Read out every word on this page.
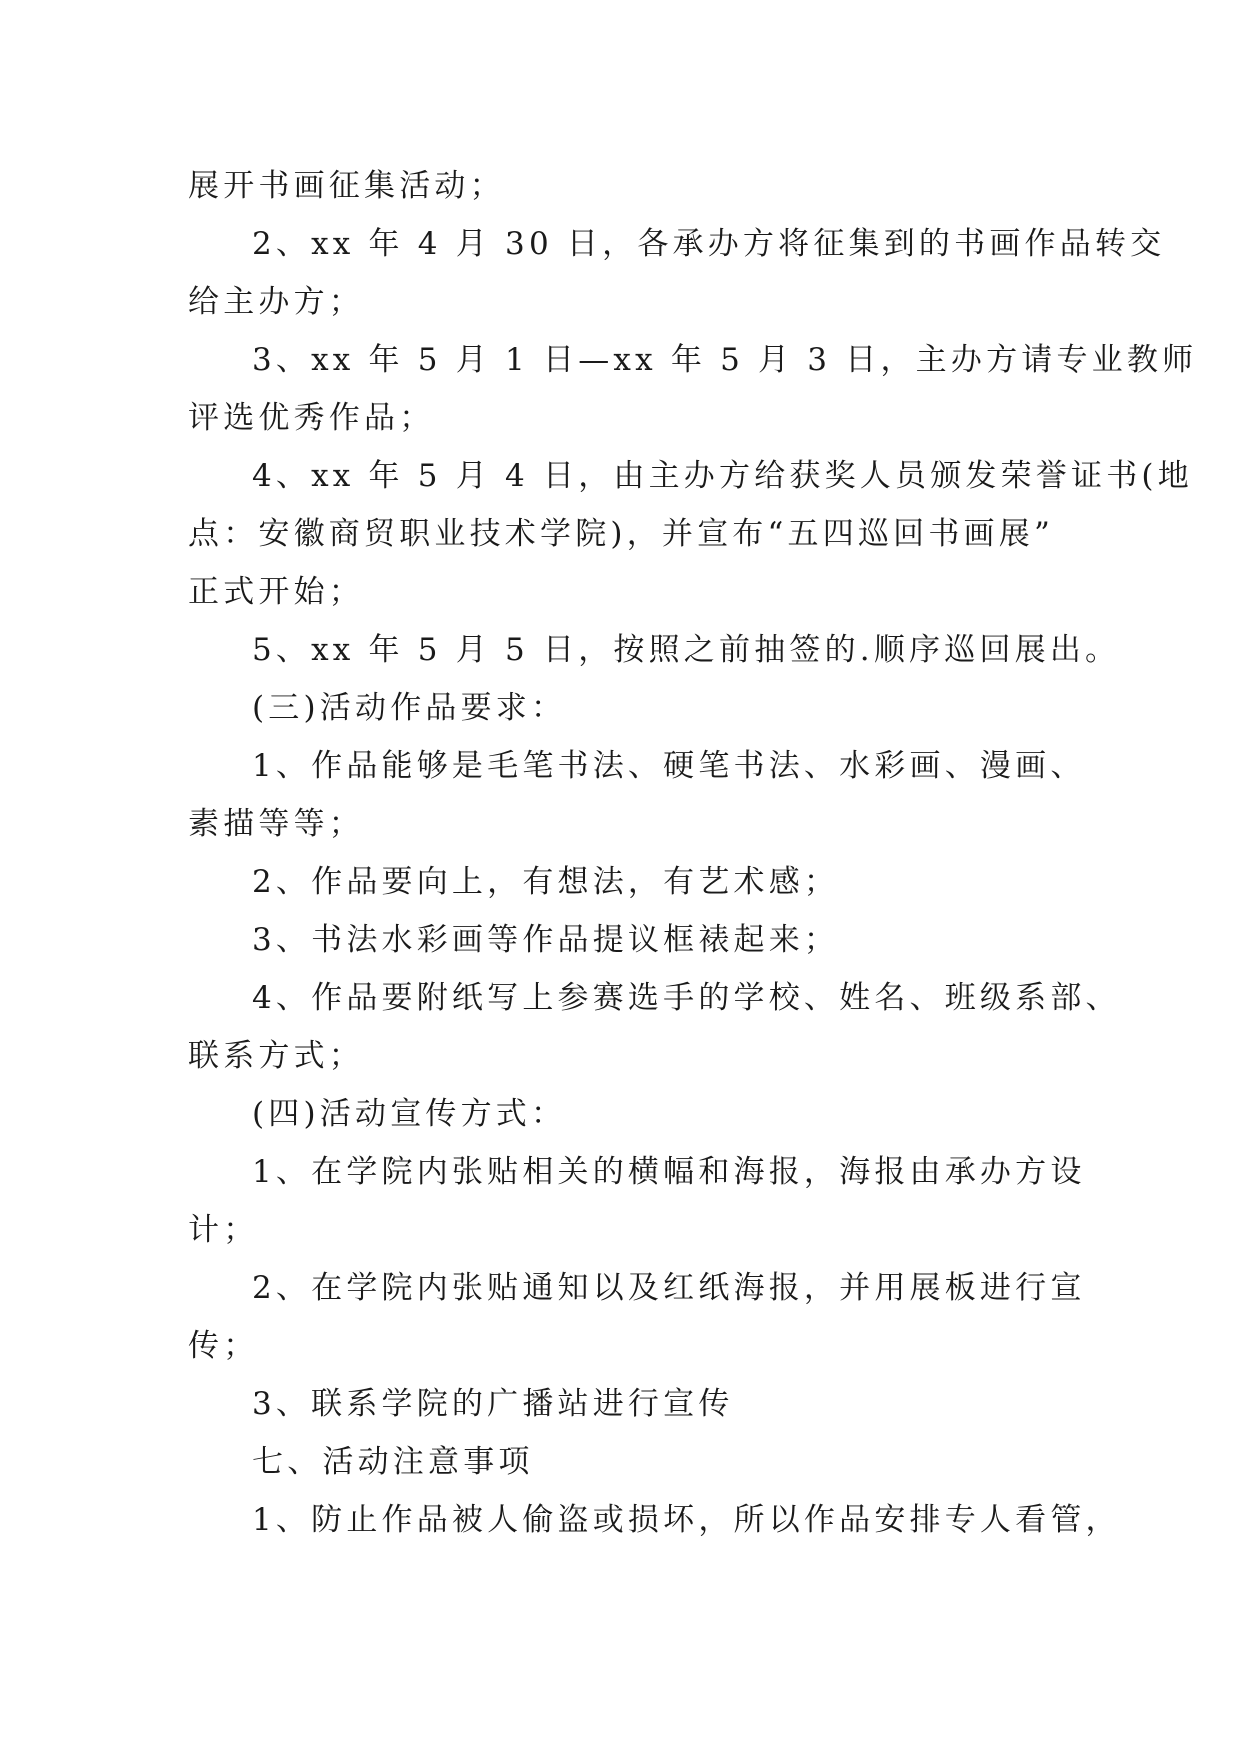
展开书画征集活动；
2、xx 年 4 月 30 日，各承办方将征集到的书画作品转交
给主办方；
3、xx 年 5 月 1 日—xx 年 5 月 3 日，主办方请专业教师
评选优秀作品；
4、xx 年 5 月 4 日，由主办方给获奖人员颁发荣誉证书(地
点：安徽商贸职业技术学院)，并宣布“五四巡回书画展”
正式开始；
5、xx 年 5 月 5 日，按照之前抽签的.顺序巡回展出。
(三)活动作品要求：
1、作品能够是毛笔书法、硬笔书法、水彩画、漫画、
素描等等；
2、作品要向上，有想法，有艺术感；
3、书法水彩画等作品提议框裱起来；
4、作品要附纸写上参赛选手的学校、姓名、班级系部、
联系方式；
(四)活动宣传方式：
1、在学院内张贴相关的横幅和海报，海报由承办方设
计；
2、在学院内张贴通知以及红纸海报，并用展板进行宣
传；
3、联系学院的广播站进行宣传
七、活动注意事项
1、防止作品被人偷盗或损坏，所以作品安排专人看管，
